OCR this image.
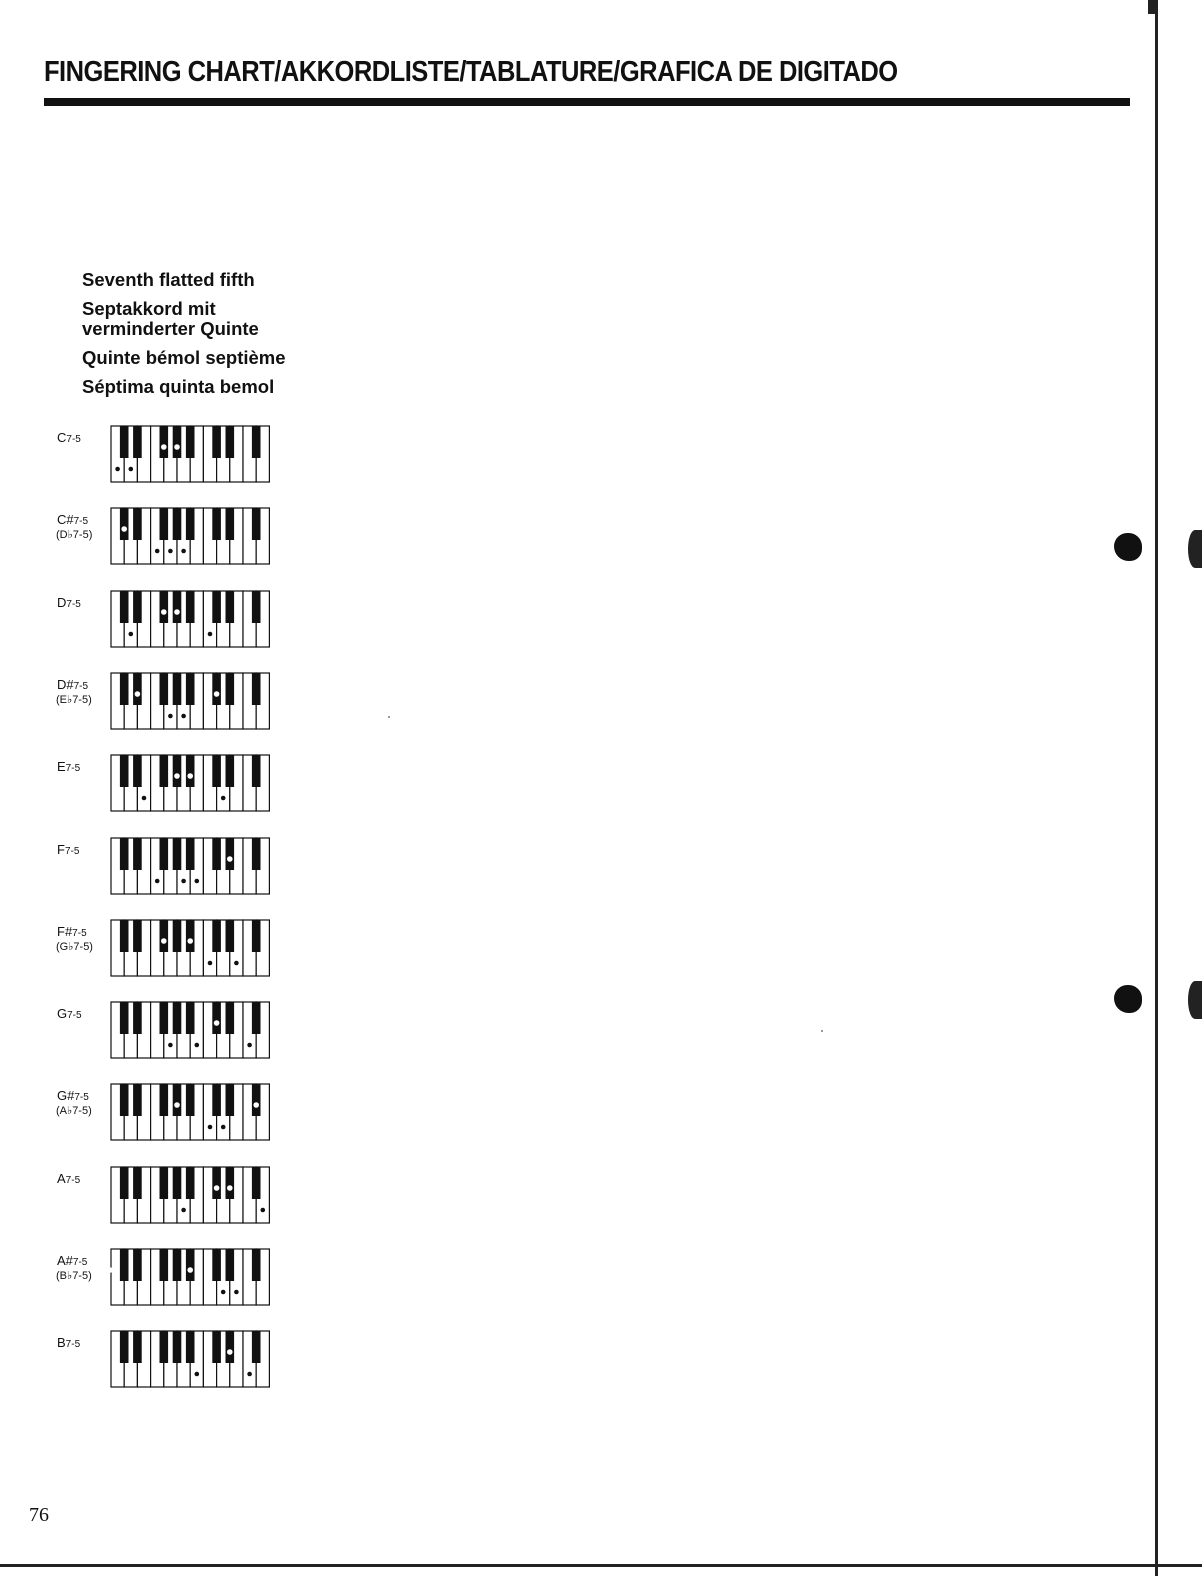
FINGERING CHART/AKKORDLISTE/TABLATURE/GRAFICA DE DIGITADO
Seventh flatted fifth
Septakkord mit
verminderter Quinte
Quinte bémol septième
Séptima quinta bemol
C7-5
C#7-5
(D♭7-5)
D7-5
D#7-5
(E♭7-5)
E7-5
F7-5
F#7-5
(G♭7-5)
G7-5
G#7-5
(A♭7-5)
A7-5
A#7-5
(B♭7-5)
B7-5
76
